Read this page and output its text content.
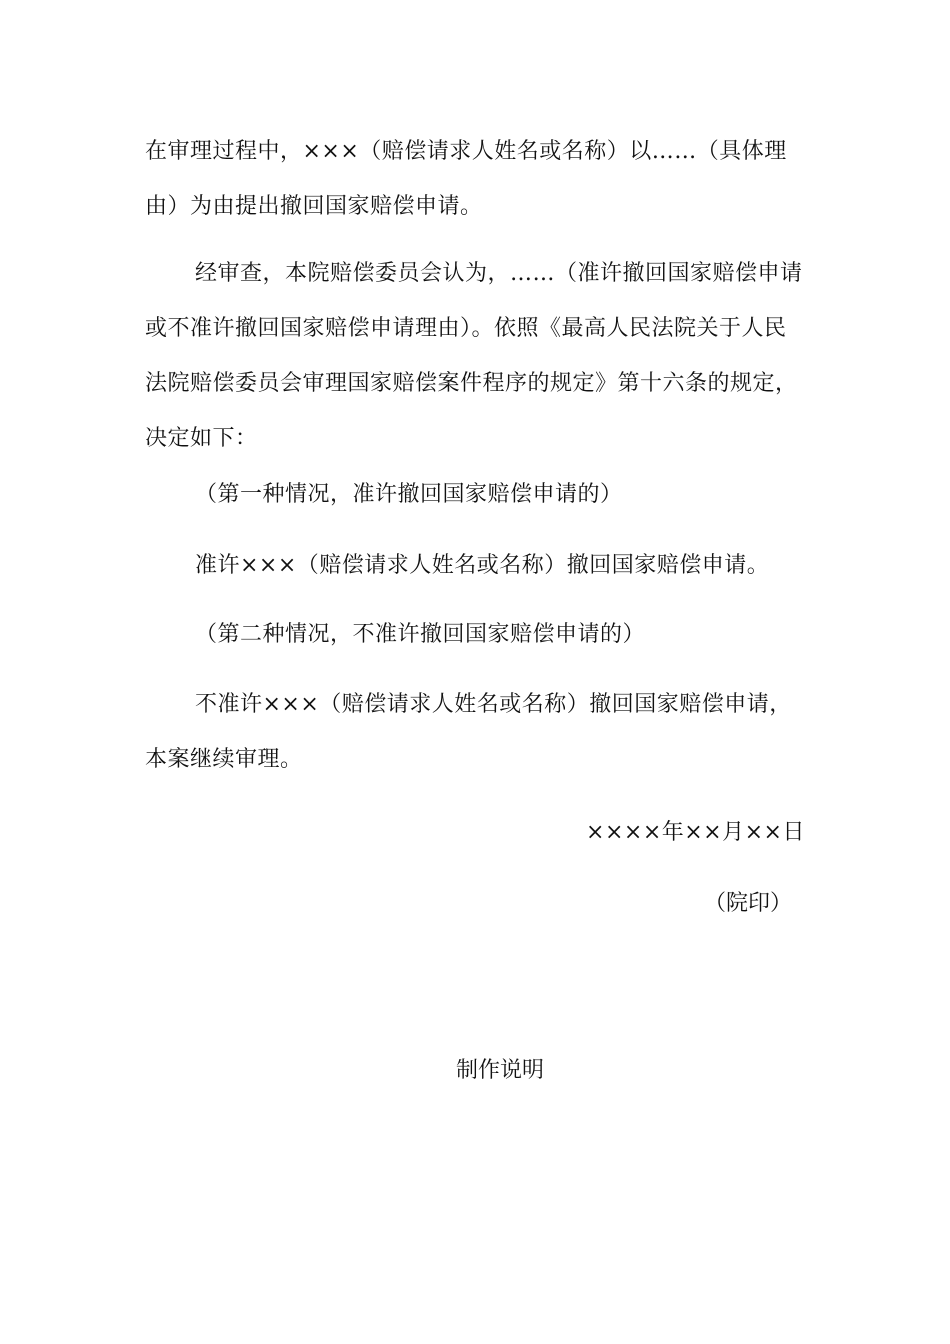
在审理过程中，×××（赔偿请求人姓名或名称）以……（具体理由）为由提出撤回国家赔偿申请。

经审查，本院赔偿委员会认为，……（准许撤回国家赔偿申请或不准许撤回国家赔偿申请理由）。依照《最高人民法院关于人民法院赔偿委员会审理国家赔偿案件程序的规定》第十六条的规定，决定如下：

（第一种情况，准许撤回国家赔偿申请的）

准许×××（赔偿请求人姓名或名称）撤回国家赔偿申请。

（第二种情况，不准许撤回国家赔偿申请的）

不准许×××（赔偿请求人姓名或名称）撤回国家赔偿申请，本案继续审理。

××××年××月××日

（院印）

制作说明
